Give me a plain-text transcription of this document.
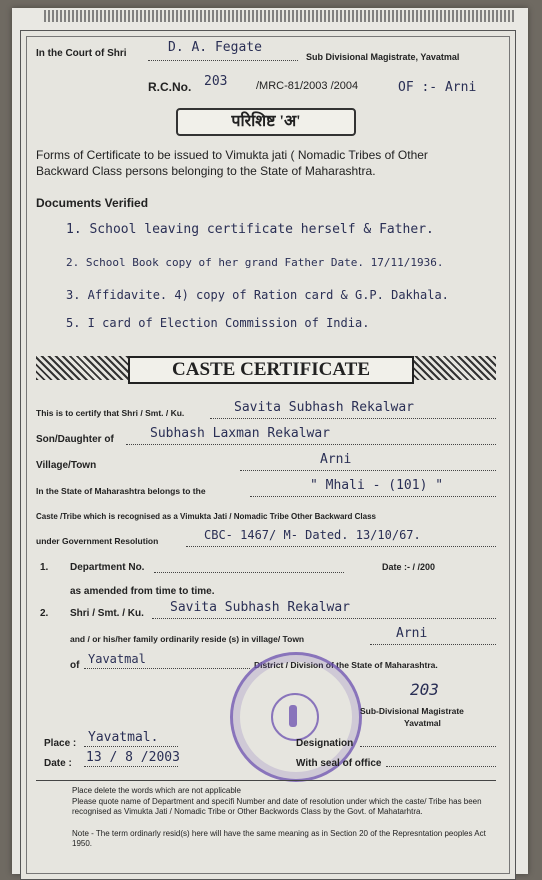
In the Court of Shri	D. A. Fegate
Sub Divisional Magistrate, Yavatmal
R.C.No. 203	/MRC-81/2003 /2004	OF :- Arni
परिशिष्ट 'अ'
Forms of Certificate to be issued to Vimukta jati ( Nomadic Tribes of Other
Backward Class persons belonging to the State of Maharashtra.
Documents Verified
1. School leaving certificate herself & Father.
2. School Book copy of her grand Father Date. 17/11/1936.
3. Affidavite. 4) copy of Ration card & G.P. Dakhala.
5. I card of Election Commission of India.
CASTE CERTIFICATE
This is to certify that Shri / Smt. / Ku.	Savita Subhash Rekalwar
Son/Daughter of	Subhash Laxman Rekalwar
Village/Town	Arni
In the State of Maharashtra belongs to the	" Mhali - (101) "
Caste /Tribe which is recognised as a Vimukta Jati / Nomadic Tribe Other Backward Class
under Government Resolution	CBC- 1467/ M- Dated. 13/10/67.
1. Department No.	Date :- / /200
as amended from time to time.
2. Shri / Smt. / Ku. Savita Subhash Rekalwar
and / or his/her family ordinarily reside (s) in village/ Town	Arni
of Yavatmal	District / Division of the State of Maharashtra.
203
Sub-Divisional Magistrate
Yavatmal
Designation
With seal of office
Place : Yavatmal.
Date : 13 / 8 /2003
Place delete the words which are not applicable
Please quote name of Department and specifi Number and date of resolution under which the caste/ Tribe has been recognised as Vimukta Jati / Nomadic Tribe or Other Backwords Class by the Govt. of Mahatarhtra.
Note - The term ordinarly resid(s) here will have the same meaning as in Section 20 of the Represntation peoples Act 1950.
